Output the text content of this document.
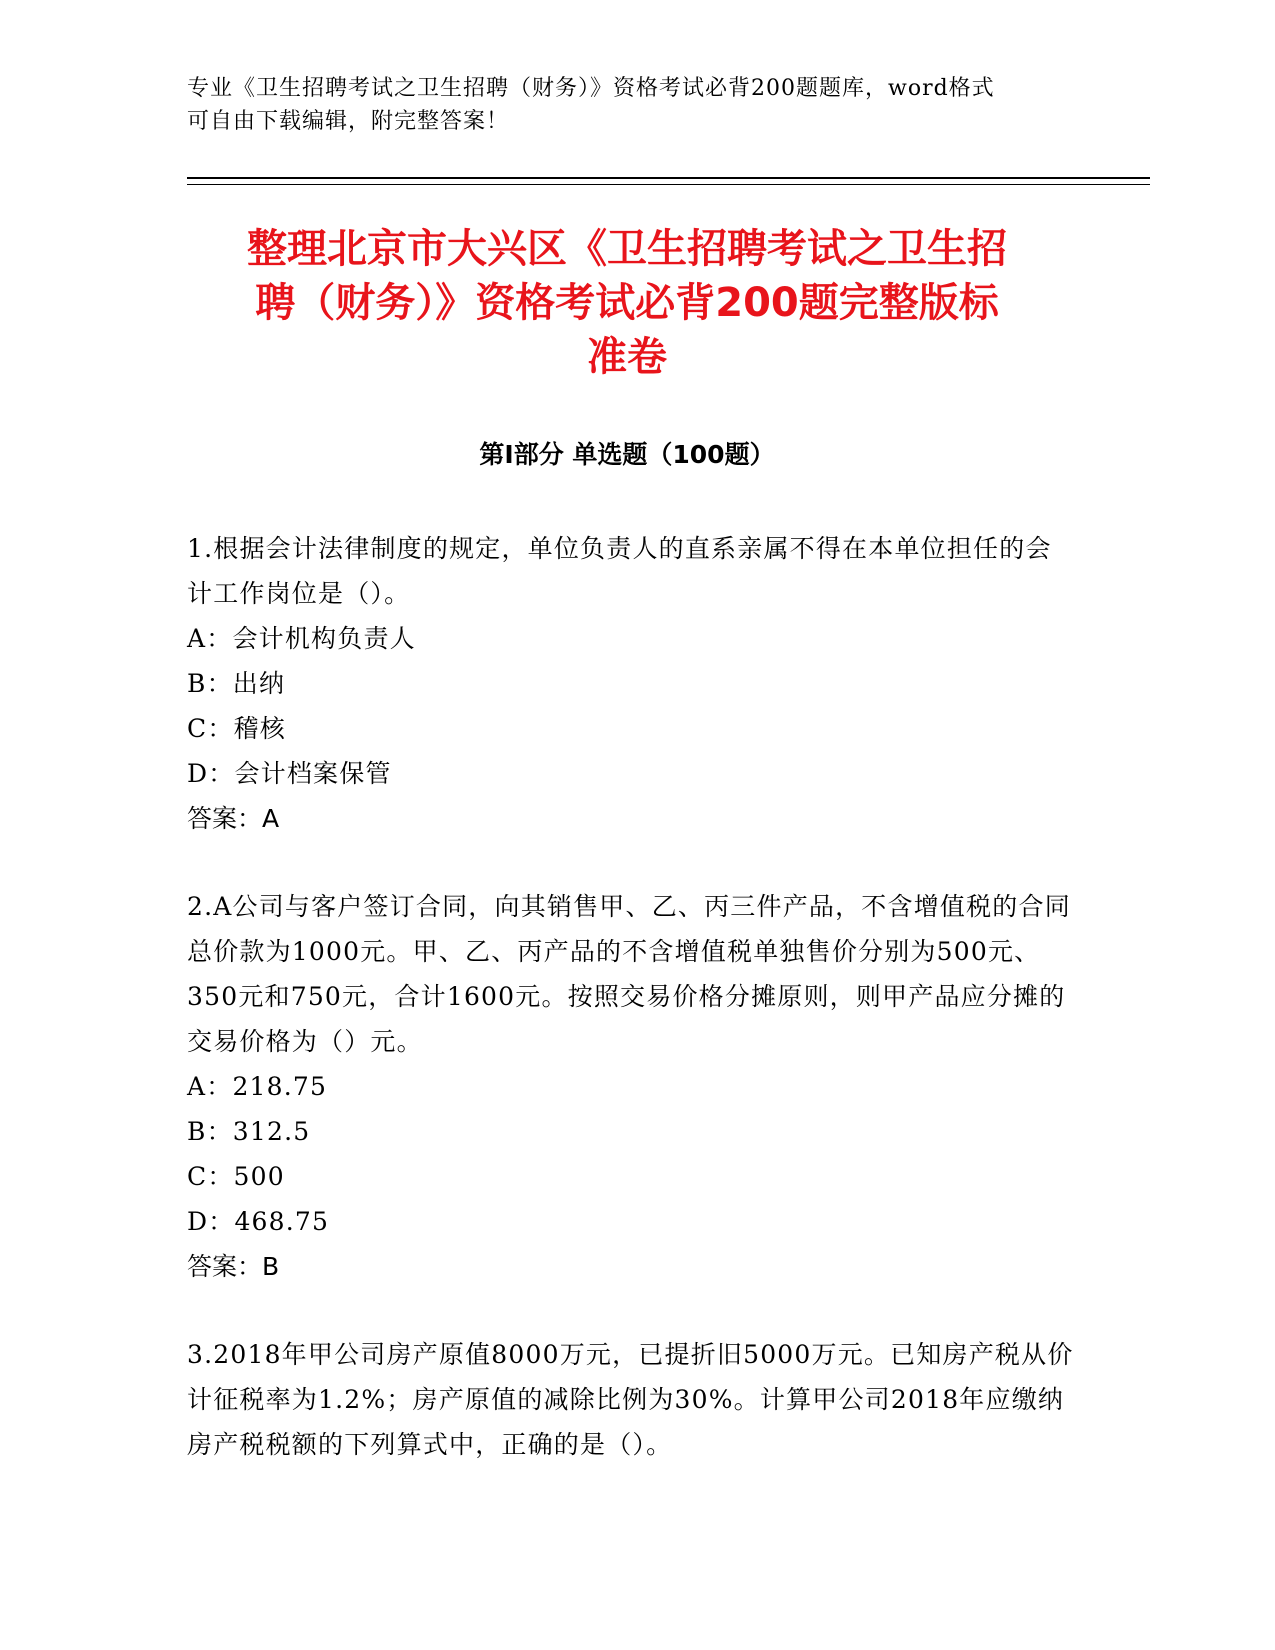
专业《卫生招聘考试之卫生招聘（财务）》资格考试必背200题题库，word格式

可自由下载编辑，附完整答案！

整理北京市大兴区《卫生招聘考试之卫生招
聘（财务）》资格考试必背200题完整版标
准卷
第Ⅰ部分 单选题（100题）

1.根据会计法律制度的规定，单位负责人的直系亲属不得在本单位担任的会计工作岗位是（）。

A：会计机构负责人

B：出纳

C：稽核

D：会计档案保管

答案：A

2.A公司与客户签订合同，向其销售甲、乙、丙三件产品，不含增值税的合同总价款为1000元。甲、乙、丙产品的不含增值税单独售价分别为500元、350元和750元，合计1600元。按照交易价格分摊原则，则甲产品应分摊的交易价格为（）元。

A：218.75

B：312.5

C：500

D：468.75

答案：B

3.2018年甲公司房产原值8000万元，已提折旧5000万元。已知房产税从价计征税率为1.2%；房产原值的减除比例为30%。计算甲公司2018年应缴纳房产税税额的下列算式中，正确的是（）。
